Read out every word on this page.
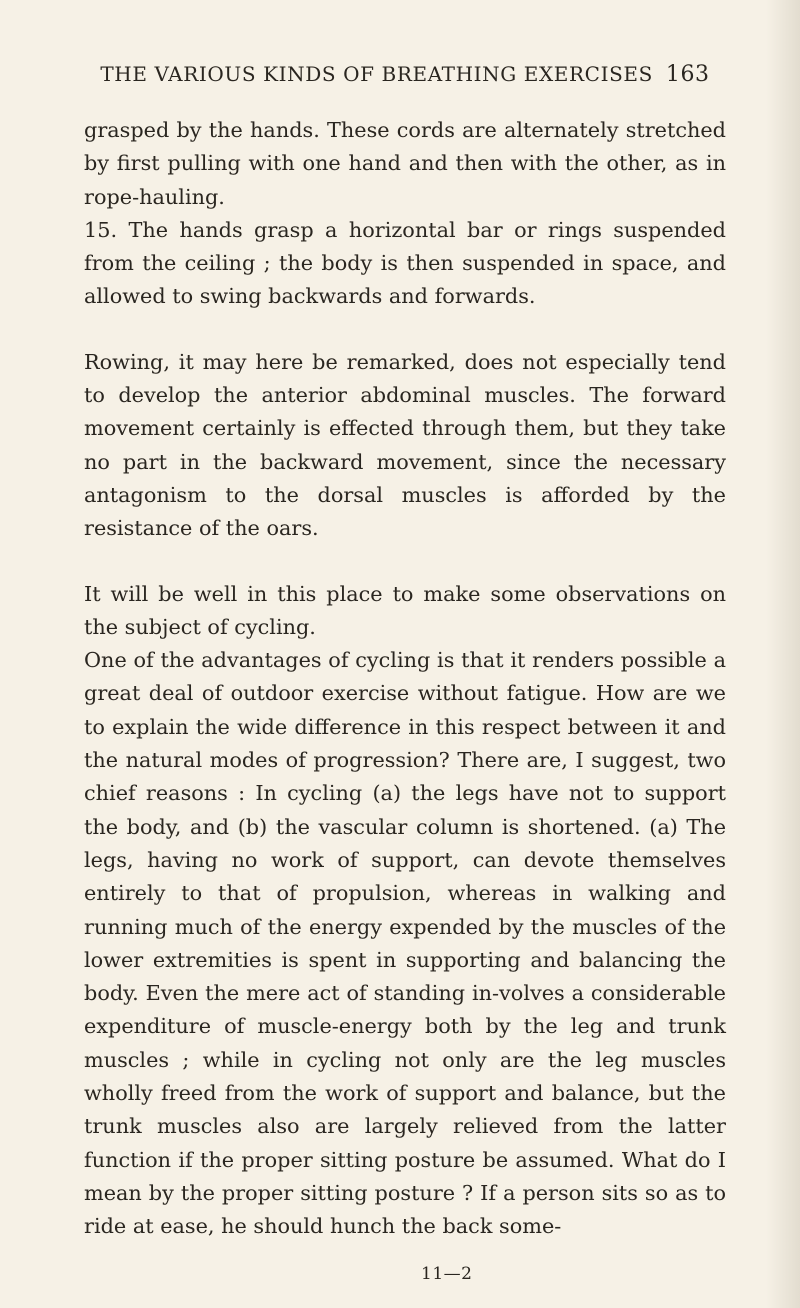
THE VARIOUS KINDS OF BREATHING EXERCISES 163

grasped by the hands. These cords are alternately stretched by first pulling with one hand and then with the other, as in rope-hauling.

15. The hands grasp a horizontal bar or rings suspended from the ceiling ; the body is then suspended in space, and allowed to swing backwards and forwards.

Rowing, it may here be remarked, does not especially tend to develop the anterior abdominal muscles. The forward movement certainly is effected through them, but they take no part in the backward movement, since the necessary antagonism to the dorsal muscles is afforded by the resistance of the oars.

It will be well in this place to make some observations on the subject of cycling.

One of the advantages of cycling is that it renders possible a great deal of outdoor exercise without fatigue. How are we to explain the wide difference in this respect between it and the natural modes of progression? There are, I suggest, two chief reasons : In cycling (a) the legs have not to support the body, and (b) the vascular column is shortened. (a) The legs, having no work of support, can devote themselves entirely to that of propulsion, whereas in walking and running much of the energy expended by the muscles of the lower extremities is spent in supporting and balancing the body. Even the mere act of standing in-volves a considerable expenditure of muscle-energy both by the leg and trunk muscles ; while in cycling not only are the leg muscles wholly freed from the work of support and balance, but the trunk muscles also are largely relieved from the latter function if the proper sitting posture be assumed. What do I mean by the proper sitting posture ? If a person sits so as to ride at ease, he should hunch the back some-

11—2
